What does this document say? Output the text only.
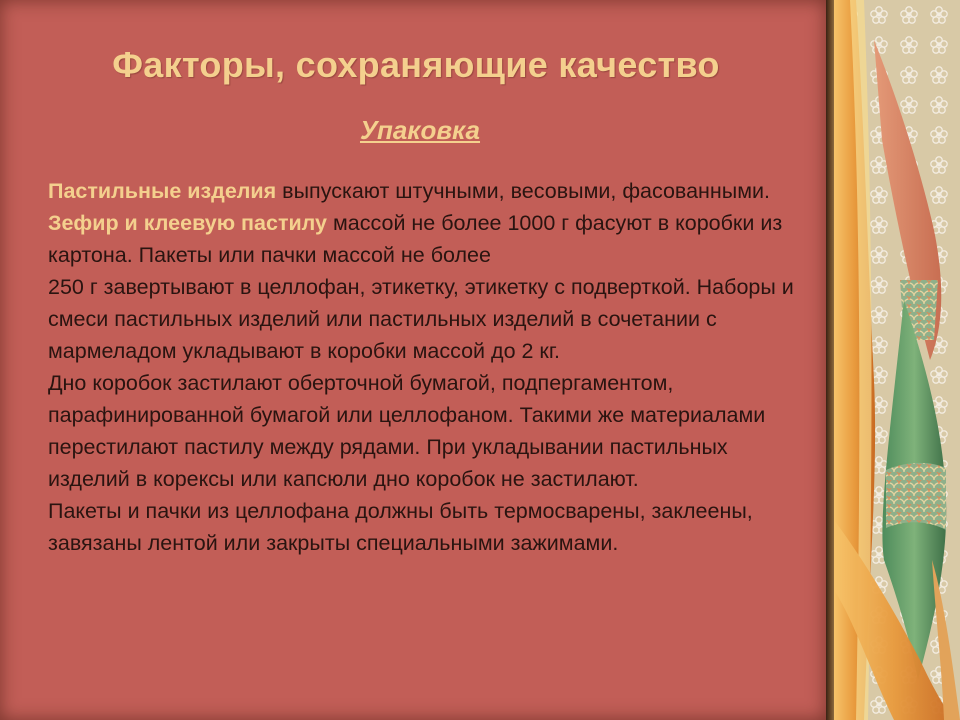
Факторы, сохраняющие качество
Упаковка

Пастильные изделия выпускают штучными, весовыми, фасованными.

Зефир и клеевую пастилу массой не более 1000 г фасуют в коробки из картона. Пакеты или пачки массой не более

250 г завертывают в целлофан, этикетку, этикетку с подверткой. Наборы и смеси пастильных изделий или пастильных изделий в сочетании с мармеладом укладывают в коробки массой до 2 кг.

Дно коробок застилают оберточной бумагой, подпергаментом, парафинированной бумагой или целлофаном. Такими же материалами перестилают пастилу между рядами. При укладывании пастильных изделий в корексы или капсюли дно коробок не застилают.

Пакеты и пачки из целлофана должны быть термосварены, заклеены, завязаны лентой или закрыты специальными зажимами.
